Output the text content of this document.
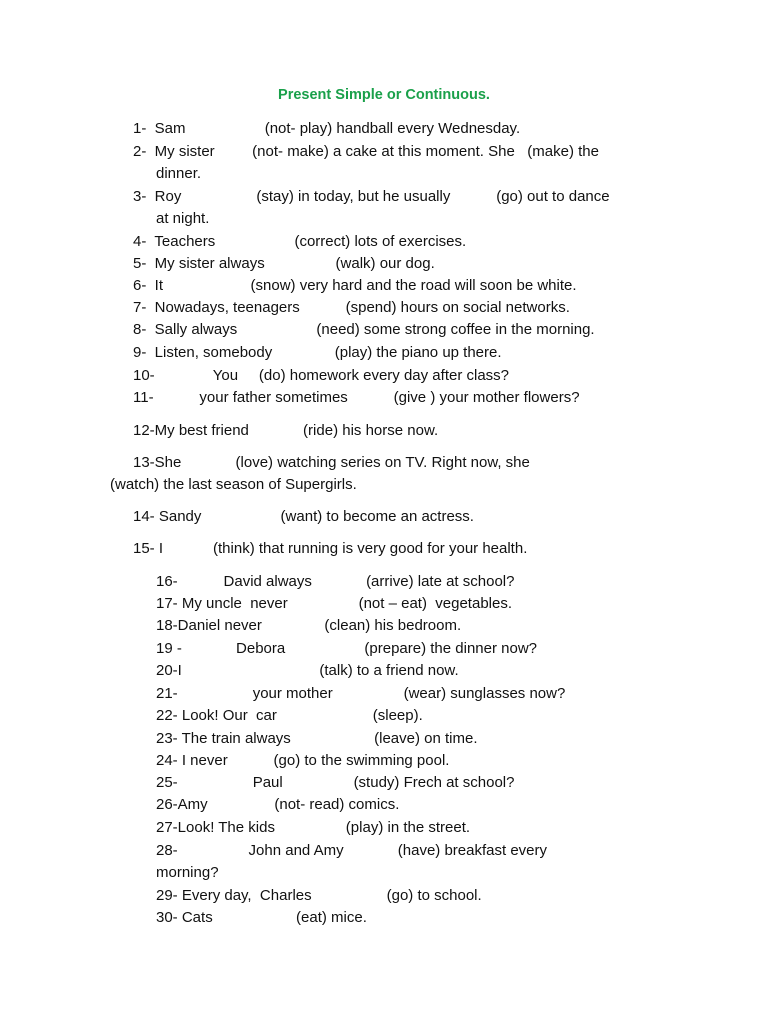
Present Simple or Continuous.
1-  Sam                   (not- play) handball every Wednesday.
2-  My sister         (not- make) a cake at this moment. She   (make) the
dinner.
3-  Roy                  (stay) in today, but he usually           (go) out to dance
at night.
4-  Teachers                   (correct) lots of exercises.
5-  My sister always                 (walk) our dog.
6-  It                     (snow) very hard and the road will soon be white.
7-  Nowadays, teenagers           (spend) hours on social networks.
8-  Sally always                   (need) some strong coffee in the morning.
9-  Listen, somebody               (play) the piano up there.
10-              You     (do) homework every day after class?
11-           your father sometimes           (give ) your mother flowers?
12-My best friend             (ride) his horse now.
13-She             (love) watching series on TV. Right now, she
(watch) the last season of Supergirls.
14- Sandy                   (want) to become an actress.
15- I            (think) that running is very good for your health.
16-           David always             (arrive) late at school?
17- My uncle  never                 (not – eat)  vegetables.
18-Daniel never               (clean) his bedroom.
19 -             Debora                   (prepare) the dinner now?
20-I                                 (talk) to a friend now.
21-                  your mother                 (wear) sunglasses now?
22- Look! Our  car                       (sleep).
23- The train always                    (leave) on time.
24- I never           (go) to the swimming pool.
25-                  Paul                 (study) Frech at school?
26-Amy                (not- read) comics.
27-Look! The kids                 (play) in the street.
28-                 John and Amy             (have) breakfast every
morning?
29- Every day,  Charles                  (go) to school.
30- Cats                    (eat) mice.
